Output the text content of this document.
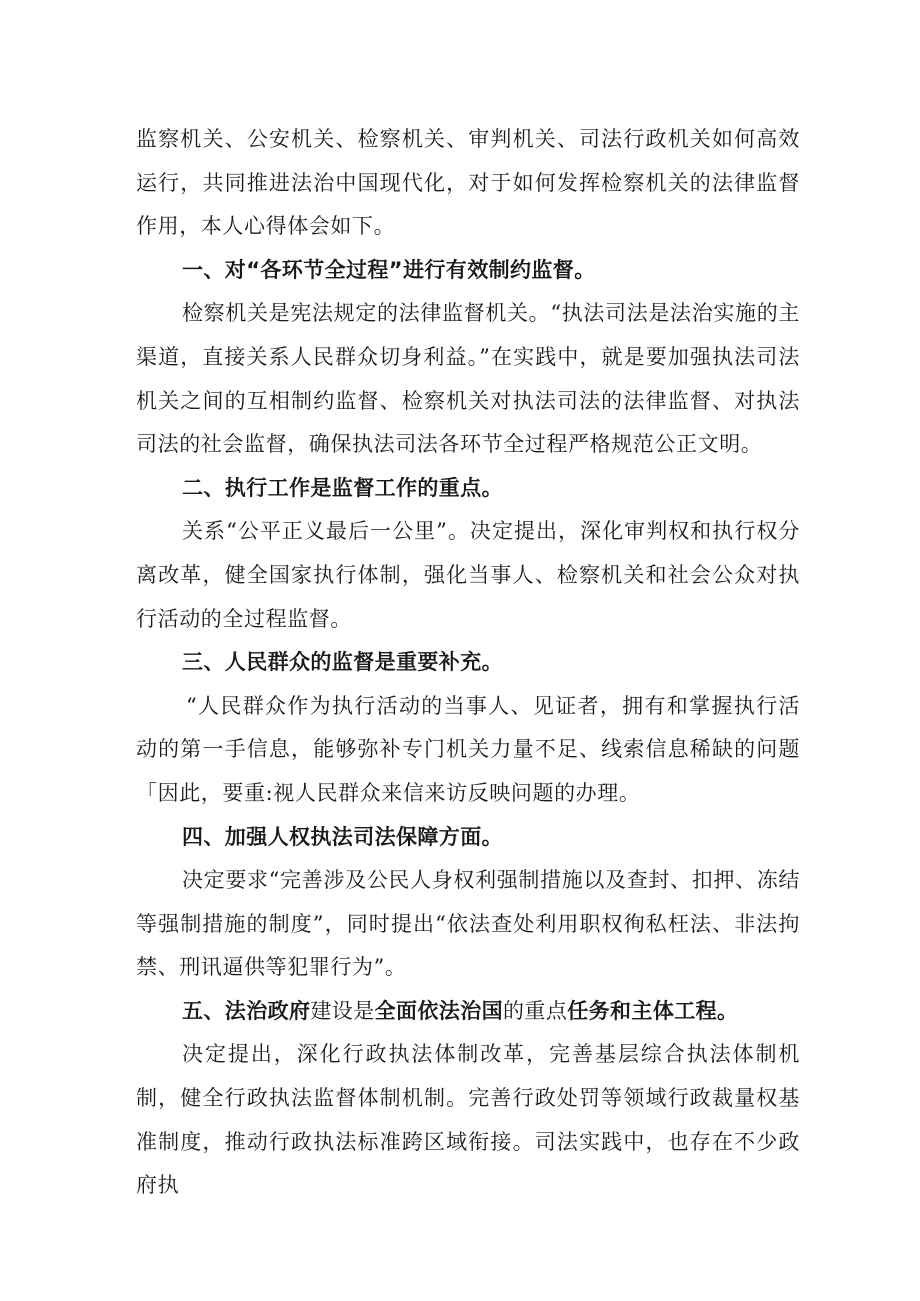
监察机关、公安机关、检察机关、审判机关、司法行政机关如何高效运行，共同推进法治中国现代化，对于如何发挥检察机关的法律监督作用，本人心得体会如下。

一、对“各环节全过程”进行有效制约监督。

检察机关是宪法规定的法律监督机关。“执法司法是法治实施的主渠道，直接关系人民群众切身利益。”在实践中，就是要加强执法司法机关之间的互相制约监督、检察机关对执法司法的法律监督、对执法司法的社会监督，确保执法司法各环节全过程严格规范公正文明。

二、执行工作是监督工作的重点。

关系“公平正义最后一公里”。决定提出，深化审判权和执行权分离改革，健全国家执行体制，强化当事人、检察机关和社会公众对执行活动的全过程监督。

三、人民群众的监督是重要补充。

“人民群众作为执行活动的当事人、见证者，拥有和掌握执行活动的第一手信息，能够弥补专门机关力量不足、线索信息稀缺的问题「因此，要重:视人民群众来信来访反映问题的办理。

四、加强人权执法司法保障方面。

决定要求“完善涉及公民人身权利强制措施以及查封、扣押、冻结等强制措施的制度”，同时提出“依法查处利用职权徇私枉法、非法拘禁、刑讯逼供等犯罪行为”。

五、法治政府建设是全面依法治国的重点任务和主体工程。

决定提出，深化行政执法体制改革，完善基层综合执法体制机制，健全行政执法监督体制机制。完善行政处罚等领域行政裁量权基准制度，推动行政执法标准跨区域衔接。司法实践中，也存在不少政府执
